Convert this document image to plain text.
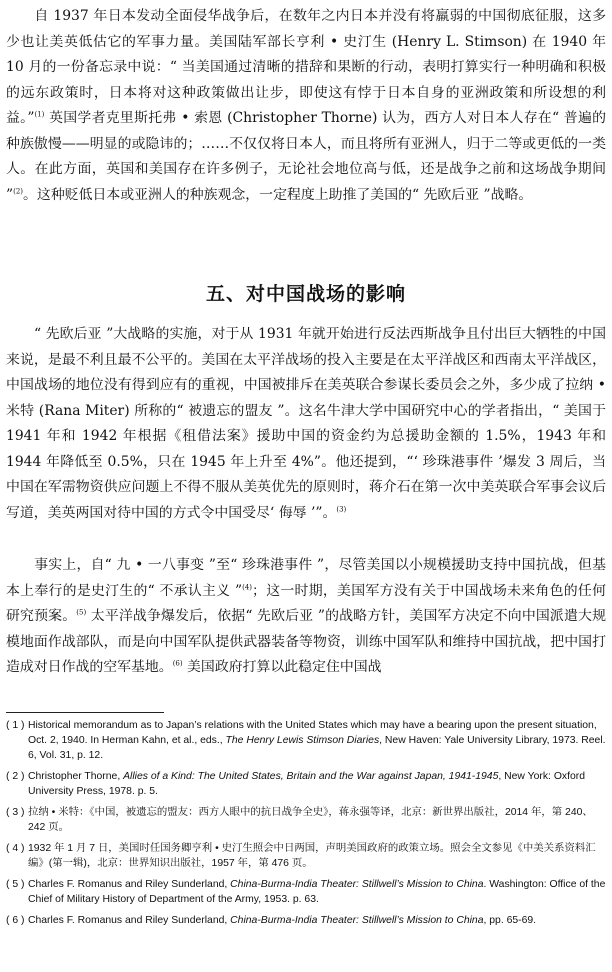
自 1937 年日本发动全面侵华战争后，在数年之内日本并没有将羸弱的中国彻底征服，这多少也让美英低估它的军事力量。美国陆军部长亨利 • 史汀生 (Henry L. Stimson) 在 1940 年 10 月的一份备忘录中说：“ 当美国通过清晰的措辞和果断的行动，表明打算实行一种明确和积极的远东政策时，日本将对这种政策做出让步，即使这有悖于日本自身的亚洲政策和所设想的利益。”$^{(1)}$ 英国学者克里斯托弗 • 索恩 (Christopher Thorne) 认为，西方人对日本人存在“ 普遍的种族傲慢——明显的或隐讳的；……不仅仅将日本人，而且将所有亚洲人，归于二等或更低的一类人。在此方面，英国和美国存在许多例子，无论社会地位高与低，还是战争之前和这场战争期间 ”$^{(2)}$。这种贬低日本或亚洲人的种族观念，一定程度上助推了美国的“ 先欧后亚 ”战略。

五、对中国战场的影响

“ 先欧后亚 ”大战略的实施，对于从 1931 年就开始进行反法西斯战争且付出巨大牺牲的中国来说，是最不利且最不公平的。美国在太平洋战场的投入主要是在太平洋战区和西南太平洋战区，中国战场的地位没有得到应有的重视，中国被排斥在美英联合参谋长委员会之外，多少成了拉纳 • 米特 (Rana Miter) 所称的“ 被遗忘的盟友 ”。这名牛津大学中国研究中心的学者指出，“ 美国于 1941 年和 1942 年根据《租借法案》援助中国的资金约为总援助金额的 1.5%，1943 年和 1944 年降低至 0.5%，只在 1945 年上升至 4%”。他还提到，“‘ 珍珠港事件 ’爆发 3 周后，当中国在军需物资供应问题上不得不服从美英优先的原则时，蒋介石在第一次中美英联合军事会议后写道，美英两国对待中国的方式令中国受尽‘ 侮辱 ’”。$^{(3)}$

事实上，自“ 九 • 一八事变 ”至“ 珍珠港事件 ”，尽管美国以小规模援助支持中国抗战，但基本上奉行的是史汀生的“ 不承认主义 ”$^{(4)}$；这一时期，美国军方没有关于中国战场未来角色的任何研究预案。$^{(5)}$ 太平洋战争爆发后，依据“ 先欧后亚 ”的战略方针，美国军方决定不向中国派遣大规模地面作战部队，而是向中国军队提供武器装备等物资，训练中国军队和维持中国抗战，把中国打造成对日作战的空军基地。$^{(6)}$ 美国政府打算以此稳定住中国战

( 1 ) Historical memorandum as to Japan’s relations with the United States which may have a bearing upon the present situation, Oct. 2, 1940. In Herman Kahn, et al., eds., The Henry Lewis Stimson Diaries, New Haven: Yale University Library, 1973. Reel. 6, Vol. 31, p. 12.

( 2 ) Christopher Thorne, Allies of a Kind: The United States, Britain and the War against Japan, 1941-1945, New York: Oxford University Press, 1978. p. 5.

( 3 ) 拉纳 • 米特：《中国，被遗忘的盟友：西方人眼中的抗日战争全史》，蒋永强等译，北京：新世界出版社，2014 年，第 240、242 页。

( 4 ) 1932 年 1 月 7 日，美国时任国务卿亨利 • 史汀生照会中日两国，声明美国政府的政策立场。照会全文参见《中美关系资料汇编》(第一辑)，北京：世界知识出版社，1957 年，第 476 页。

( 5 ) Charles F. Romanus and Riley Sunderland, China-Burma-India Theater: Stillwell’s Mission to China. Washington: Office of the Chief of Military History of Department of the Army, 1953. p. 63.

( 6 ) Charles F. Romanus and Riley Sunderland, China-Burma-India Theater: Stillwell’s Mission to China, pp. 65-69.
